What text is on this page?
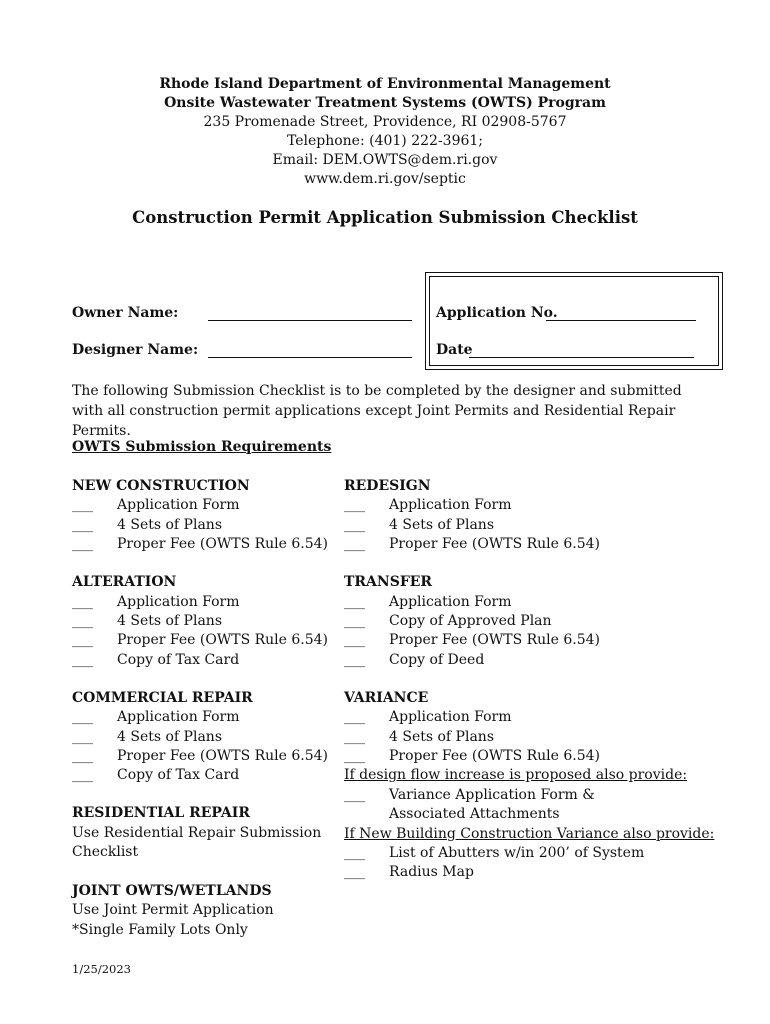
Rhode Island Department of Environmental Management
Onsite Wastewater Treatment Systems (OWTS) Program
235 Promenade Street, Providence, RI 02908-5767
Telephone: (401) 222-3961;
Email: DEM.OWTS@dem.ri.gov
www.dem.ri.gov/septic
Construction Permit Application Submission Checklist
Owner Name:
Designer Name:
Application No.
Date
The following Submission Checklist is to be completed by the designer and submitted with all construction permit applications except Joint Permits and Residential Repair Permits.
OWTS Submission Requirements
NEW CONSTRUCTION
___ Application Form
___ 4 Sets of Plans
___ Proper Fee (OWTS Rule 6.54)
ALTERATION
___ Application Form
___ 4 Sets of Plans
___ Proper Fee (OWTS Rule 6.54)
___ Copy of Tax Card
COMMERCIAL REPAIR
___ Application Form
___ 4 Sets of Plans
___ Proper Fee (OWTS Rule 6.54)
___ Copy of Tax Card
RESIDENTIAL REPAIR
Use Residential Repair Submission
Checklist
JOINT OWTS/WETLANDS
Use Joint Permit Application
*Single Family Lots Only
REDESIGN
___ Application Form
___ 4 Sets of Plans
___ Proper Fee (OWTS Rule 6.54)
TRANSFER
___ Application Form
___ Copy of Approved Plan
___ Proper Fee (OWTS Rule 6.54)
___ Copy of Deed
VARIANCE
___ Application Form
___ 4 Sets of Plans
___ Proper Fee (OWTS Rule 6.54)
If design flow increase is proposed also provide:
___ Variance Application Form &
Associated Attachments
If New Building Construction Variance also provide:
___ List of Abutters w/in 200’ of System
___ Radius Map
1/25/2023
